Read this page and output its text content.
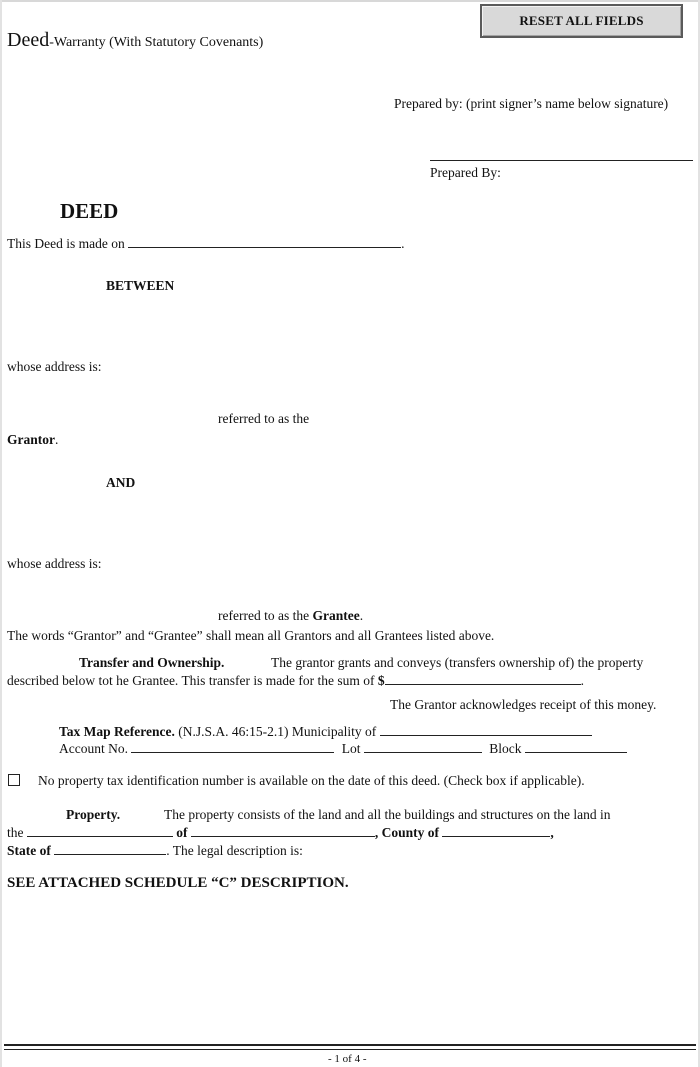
RESET ALL FIELDS
Deed-Warranty (With Statutory Covenants)
Prepared by: (print signer’s name below signature)
Prepared By:
DEED
This Deed is made on	.
BETWEEN
whose address is:
referred to as the
Grantor.
AND
whose address is:
referred to as the Grantee.
The words “Grantor” and “Grantee” shall mean all Grantors and all Grantees listed above.
Transfer and Ownership.	The grantor grants and conveys (transfers ownership of) the property
described below tot he Grantee. This transfer is made for the sum of $	.
The Grantor acknowledges receipt of this money.
Tax Map Reference. (N.J.S.A. 46:15-2.1) Municipality of
Account No.	Lot	Block
No property tax identification number is available on the date of this deed. (Check box if applicable).
Property.	The property consists of the land and all the buildings and structures on the land in
the	of	, County of	,
State of	. The legal description is:
SEE ATTACHED SCHEDULE “C” DESCRIPTION.
- 1 of 4 -
